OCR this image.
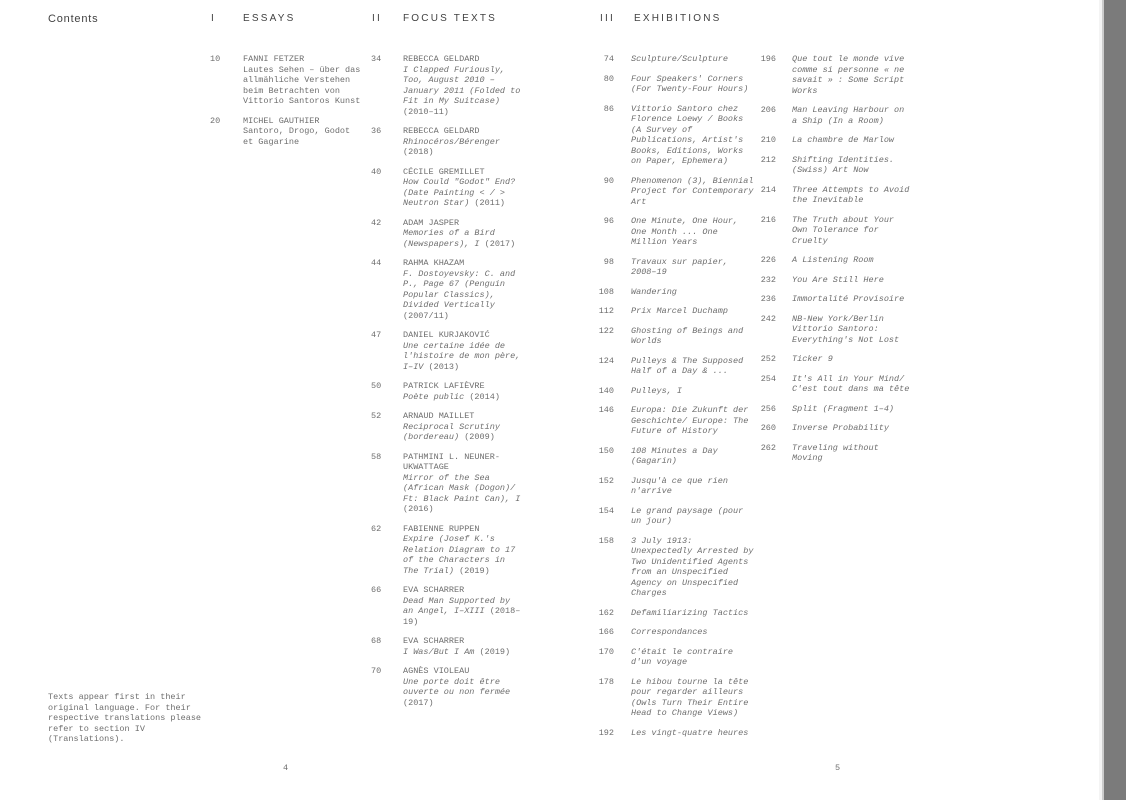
Contents	I	ESSAYS	II FOCUS TEXTS	III EXHIBITIONS
10	FANNI FETZER
Lautes Sehen – über das allmähliche Verstehen beim Betrachten von Vittorio Santoros Kunst
20	MICHEL GAUTHIER
Santoro, Drogo, Godot et Gagarine
34	REBECCA GELDARD
I Clapped Furiously, Too, August 2010 – January 2011 (Folded to Fit in My Suitcase) (2010–11)
36	REBECCA GELDARD
Rhinocéros/Bérenger (2018)
40	CÉCILE GREMILLET
How Could "Godot" End? (Date Painting < / > Neutron Star) (2011)
42	ADAM JASPER
Memories of a Bird (Newspapers), I (2017)
44	RAHMA KHAZAM
F. Dostoyevsky: C. and P., Page 67 (Penguin Popular Classics), Divided Vertically (2007/11)
47	DANIEL KURJAKOVIĆ
Une certaine idée de l'histoire de mon père, I–IV (2013)
50	PATRICK LAFIÈVRE
Poète public (2014)
52	ARNAUD MAILLET
Reciprocal Scrutiny (bordereau) (2009)
58	PATHMINI L. NEUNER-UKWATTAGE
Mirror of the Sea (African Mask (Dogon)/ Ft: Black Paint Can), I (2016)
62	FABIENNE RUPPEN
Expire (Josef K.'s Relation Diagram to 17 of the Characters in The Trial) (2019)
66	EVA SCHARRER
Dead Man Supported by an Angel, I–XIII (2018–19)
68	EVA SCHARRER
I Was/But I Am (2019)
70	AGNÈS VIOLEAU
Une porte doit être ouverte ou non fermée (2017)
74 Sculpture/Sculpture
80 Four Speakers' Corners (For Twenty-Four Hours)
86 Vittorio Santoro chez Florence Loewy / Books (A Survey of Publications, Artist's Books, Editions, Works on Paper, Ephemera)
90 Phenomenon (3), Biennial Project for Contemporary Art
96 One Minute, One Hour, One Month ... One Million Years
98 Travaux sur papier, 2008–19
108 Wandering
112 Prix Marcel Duchamp
122 Ghosting of Beings and Worlds
124 Pulleys & The Supposed Half of a Day & ...
140 Pulleys, I
146 Europa: Die Zukunft der Geschichte/ Europe: The Future of History
150 108 Minutes a Day (Gagarin)
152 Jusqu'à ce que rien n'arrive
154 Le grand paysage (pour un jour)
158 3 July 1913: Unexpectedly Arrested by Two Unidentified Agents from an Unspecified Agency on Unspecified Charges
162 Defamiliarizing Tactics
166 Correspondances
170 C'était le contraire d'un voyage
178 Le hibou tourne la tête pour regarder ailleurs (Owls Turn Their Entire Head to Change Views)
192 Les vingt-quatre heures
196 Que tout le monde vive comme si personne « ne savait » : Some Script Works
206 Man Leaving Harbour on a Ship (In a Room)
210 La chambre de Marlow
212 Shifting Identities. (Swiss) Art Now
214 Three Attempts to Avoid the Inevitable
216 The Truth about Your Own Tolerance for Cruelty
226 A Listening Room
232 You Are Still Here
236 Immortalité Provisoire
242 NB-New York/Berlin Vittorio Santoro: Everything's Not Lost
252 Ticker 9
254 It's All in Your Mind/ C'est tout dans ma tête
256 Split (Fragment 1–4)
260 Inverse Probability
262 Traveling without Moving
Texts appear first in their original language. For their respective translations please refer to section IV (Translations).
4	5
